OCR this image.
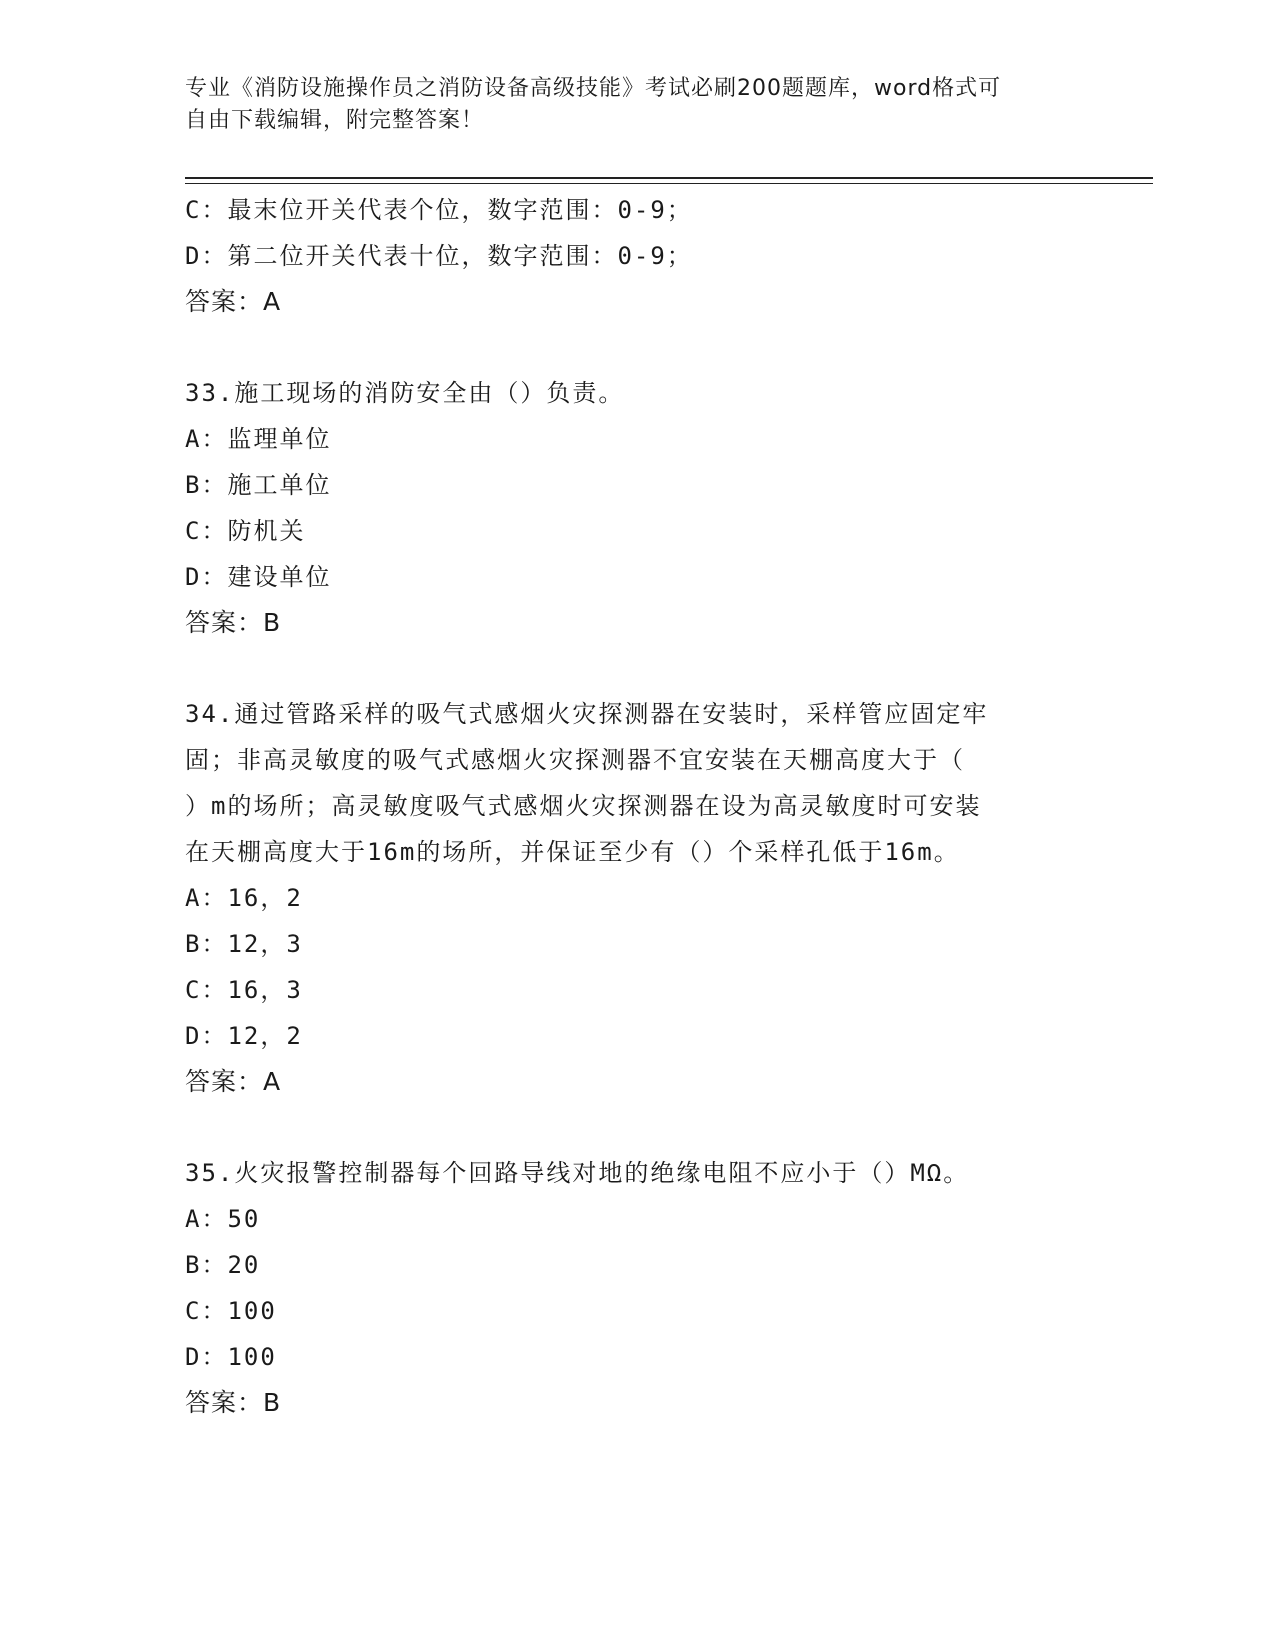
专业《消防设施操作员之消防设备高级技能》考试必刷200题题库，word格式可
自由下载编辑，附完整答案！
C：最末位开关代表个位，数字范围：0-9；
D：第二位开关代表十位，数字范围：0-9；
答案：A
33.施工现场的消防安全由（）负责。
A：监理单位
B：施工单位
C：防机关
D：建设单位
答案：B
34.通过管路采样的吸气式感烟火灾探测器在安装时，采样管应固定牢
固；非高灵敏度的吸气式感烟火灾探测器不宜安装在天棚高度大于（
）m的场所；高灵敏度吸气式感烟火灾探测器在设为高灵敏度时可安装
在天棚高度大于16m的场所，并保证至少有（）个采样孔低于16m。
A：16，2
B：12，3
C：16，3
D：12，2
答案：A
35.火灾报警控制器每个回路导线对地的绝缘电阻不应小于（）MΩ。
A：50
B：20
C：100
D：100
答案：B
